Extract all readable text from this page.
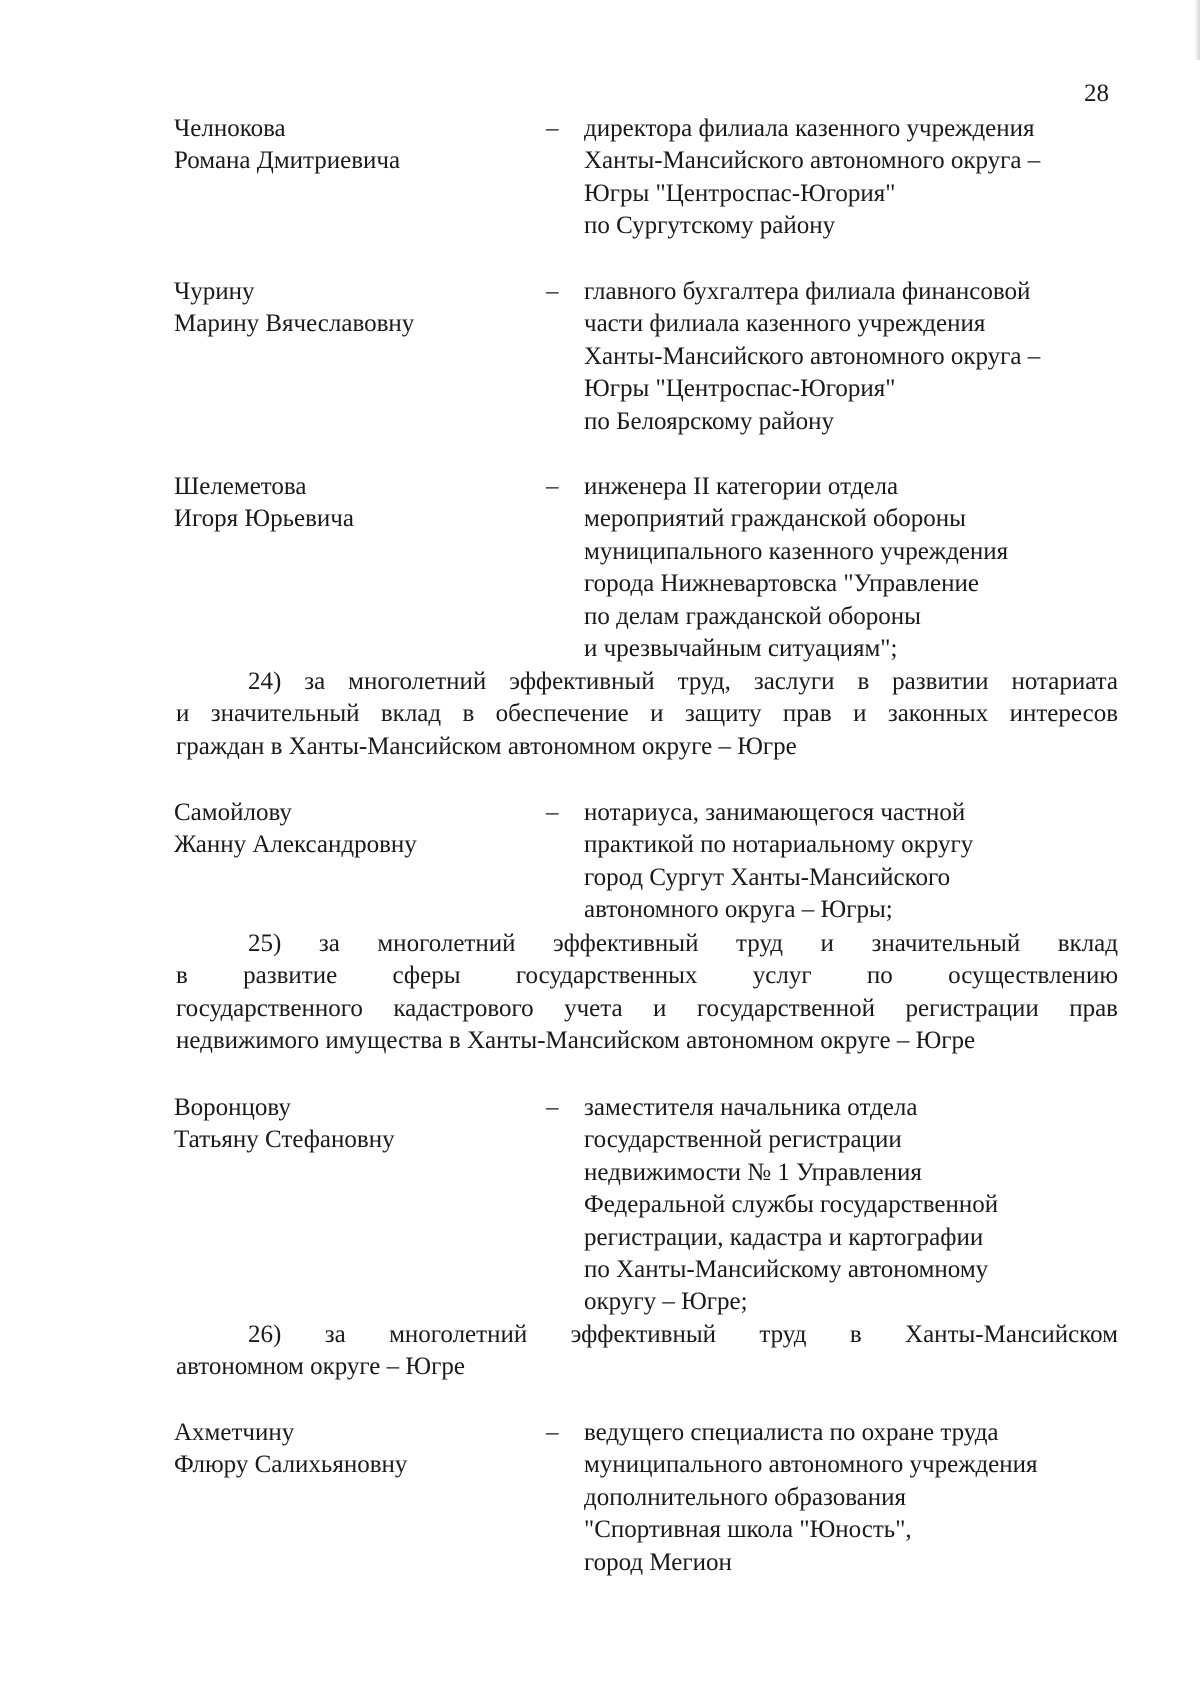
28
Челнокова
Романа Дмитриевича
– директора филиала казенного учреждения
Ханты-Мансийского автономного округа –
Югры "Центроспас-Югория"
по Сургутскому району
Чурину
Марину Вячеславовну
– главного бухгалтера филиала финансовой
части филиала казенного учреждения
Ханты-Мансийского автономного округа –
Югры "Центроспас-Югория"
по Белоярскому району
Шелеметова
Игоря Юрьевича
– инженера II категории отдела
мероприятий гражданской обороны
муниципального казенного учреждения
города Нижневартовска "Управление
по делам гражданской обороны
и чрезвычайным ситуациям";
24) за многолетний эффективный труд, заслуги в развитии нотариата
и значительный вклад в обеспечение и защиту прав и законных интересов
граждан в Ханты-Мансийском автономном округе – Югре
Самойлову
Жанну Александровну
– нотариуса, занимающегося частной
практикой по нотариальному округу
город Сургут Ханты-Мансийского
автономного округа – Югры;
25) за многолетний эффективный труд и значительный вклад
в развитие сферы государственных услуг по осуществлению
государственного кадастрового учета и государственной регистрации прав
недвижимого имущества в Ханты-Мансийском автономном округе – Югре
Воронцову
Татьяну Стефановну
– заместителя начальника отдела
государственной регистрации
недвижимости № 1 Управления
Федеральной службы государственной
регистрации, кадастра и картографии
по Ханты-Мансийскому автономному
округу – Югре;
26) за многолетний эффективный труд в Ханты-Мансийском
автономном округе – Югре
Ахметчину
Флюру Салихьяновну
– ведущего специалиста по охране труда
муниципального автономного учреждения
дополнительного образования
"Спортивная школа "Юность",
город Мегион
